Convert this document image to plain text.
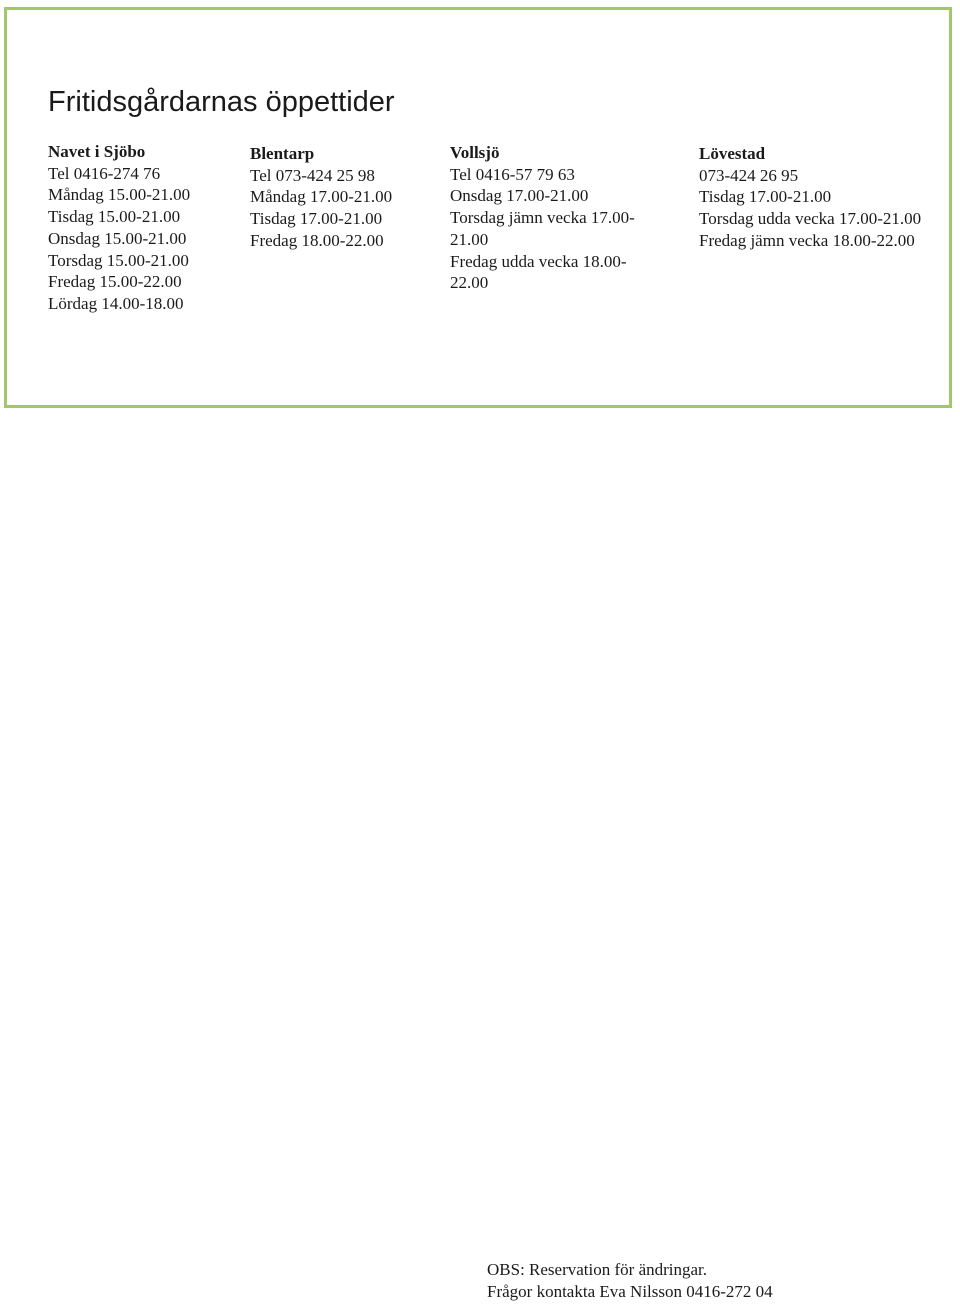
Fritidsgårdarnas öppettider
Navet i Sjöbo
Tel 0416-274 76
Måndag 15.00-21.00
Tisdag 15.00-21.00
Onsdag 15.00-21.00
Torsdag 15.00-21.00
Fredag 15.00-22.00
Lördag 14.00-18.00
Blentarp
Tel 073-424 25 98
Måndag 17.00-21.00
Tisdag 17.00-21.00
Fredag 18.00-22.00
Vollsjö
Tel 0416-57 79 63
Onsdag 17.00-21.00
Torsdag jämn vecka 17.00-
21.00
Fredag udda vecka 18.00-22.00
Lövestad
073-424 26 95
Tisdag 17.00-21.00
Torsdag udda vecka 17.00-21.00
Fredag jämn vecka 18.00-22.00
OBS: Reservation för ändringar.
Frågor kontakta Eva Nilsson 0416-272 04
